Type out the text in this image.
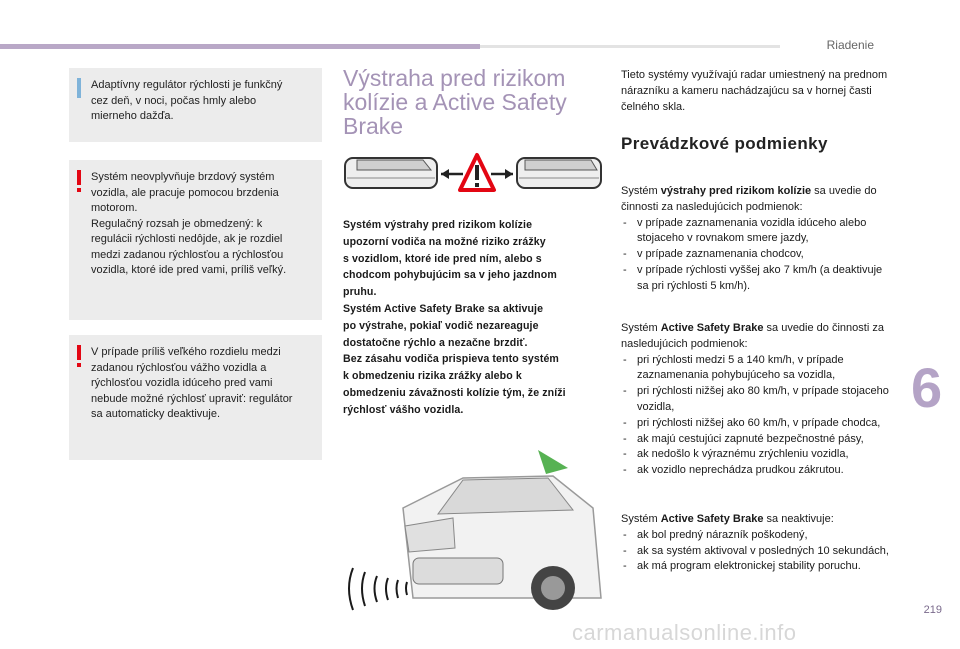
Riadenie

Adaptívny regulátor rýchlosti je funkčný
cez deň, v noci, počas hmly alebo
mierneho dažďa.

Systém neovplyvňuje brzdový systém
vozidla, ale pracuje pomocou brzdenia
motorom.
Regulačný rozsah je obmedzený: k
regulácii rýchlosti nedôjde, ak je rozdiel
medzi zadanou rýchlosťou a rýchlosťou
vozidla, ktoré ide pred vami, príliš veľký.

V prípade príliš veľkého rozdielu medzi
zadanou rýchlosťou vážho vozidla a
rýchlosťou vozidla idúceho pred vami
nebude možné rýchlosť upraviť: regulátor
sa automaticky deaktivuje.

Výstraha pred rizikom kolízie a Active Safety Brake
Systém výstrahy pred rizikom kolízie
upozorní vodiča na možné riziko zrážky
s vozidlom, ktoré ide pred ním, alebo s
chodcom pohybujúcim sa v jeho jazdnom
pruhu.
Systém Active Safety Brake sa aktivuje
po výstrahe, pokiaľ vodič nezareaguje
dostatočne rýchlo a nezačne brzdiť.
Bez zásahu vodiča prispieva tento systém
k obmedzeniu rizika zrážky alebo k
obmedzeniu závažnosti kolízie tým, že zníži
rýchlosť vášho vozidla.
Tieto systémy využívajú radar umiestnený na prednom nárazníku a kameru nachádzajúcu sa v hornej časti čelného skla.
Prevádzkové podmienky
Systém výstrahy pred rizikom kolízie sa uvedie do činnosti za nasledujúcich podmienok:
- v prípade zaznamenania vozidla idúceho alebo stojaceho v rovnakom smere jazdy,
- v prípade zaznamenania chodcov,
- v prípade rýchlosti vyššej ako 7 km/h (a deaktivuje sa pri rýchlosti 5 km/h).
Systém Active Safety Brake sa uvedie do činnosti za nasledujúcich podmienok:
- pri rýchlosti medzi 5 a 140 km/h, v prípade zaznamenania pohybujúceho sa vozidla,
- pri rýchlosti nižšej ako 80 km/h, v prípade stojaceho vozidla,
- pri rýchlosti nižšej ako 60 km/h, v prípade chodca,
- ak majú cestujúci zapnuté bezpečnostné pásy,
- ak nedošlo k výraznému zrýchleniu vozidla,
- ak vozidlo neprechádza prudkou zákrutou.
Systém Active Safety Brake sa neaktivuje:
- ak bol predný nárazník poškodený,
- ak sa systém aktivoval v posledných 10 sekundách,
- ak má program elektronickej stability poruchu.
6
219
carmanualsonline.info
